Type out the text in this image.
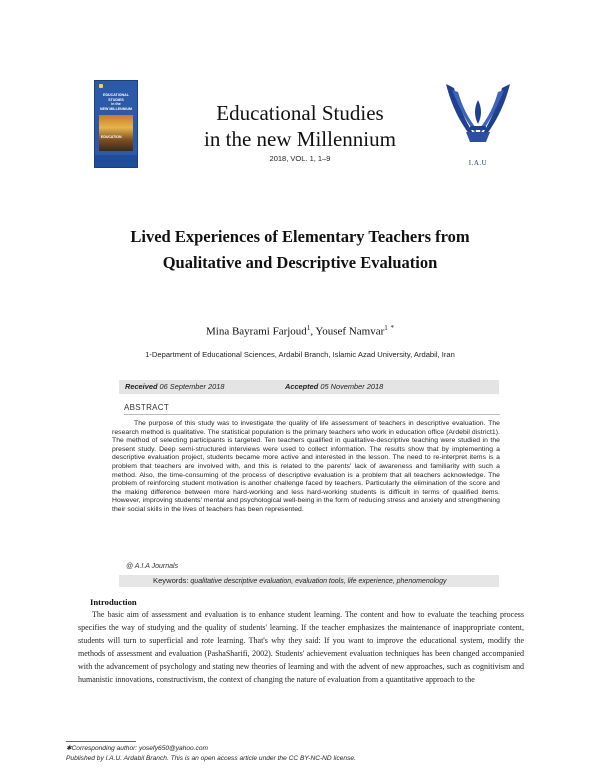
EDUCATIONAL STUDIES
in the
NEW MILLENNIUM
EDUCATION
Educational Studies
in the new Millennium
2018, VOL. 1, 1–9	I.A.U
Lived Experiences of Elementary Teachers from
Qualitative and Descriptive Evaluation
Mina Bayrami Farjoud$^1$, Yousef Namvar$^1$ *
1-Department of Educational Sciences, Ardabil Branch, Islamic Azad University, Ardabil, Iran
Received 06 September 2018	Accepted 05 November 2018
ABSTRACT

The purpose of this study was to investigate the quality of life assessment of teachers in descriptive evaluation. The research method is qualitative. The statistical population is the primary teachers who work in education office (Ardebil district1). The method of selecting participants is targeted. Ten teachers qualified in qualitative-descriptive teaching were studied in the present study. Deep semi-structured interviews were used to collect information. The results show that by implementing a descriptive evaluation project, students became more active and interested in the lesson. The need to re-interpret items is a problem that teachers are involved with, and this is related to the parents' lack of awareness and familiarity with such a method. Also, the time-consuming of the process of descriptive evaluation is a problem that all teachers acknowledge. The problem of reinforcing student motivation is another challenge faced by teachers. Particularly the elimination of the score and the making difference between more hard-working and less hard-working students is difficult in terms of qualified items. However, improving students' mental and psychological well-being in the form of reducing stress and anxiety and strengthening their social skills in the lives of teachers has been represented.

@ A.I.A Journals
Keywords: qualitative descriptive evaluation, evaluation tools, life experience, phenomenology
Introduction

The basic aim of assessment and evaluation is to enhance student learning. The content and how to evaluate the teaching process specifies the way of studying and the quality of students' learning. If the teacher emphasizes the maintenance of inappropriate content, students will turn to superficial and rote learning. That's why they said: If you want to improve the educational system, modify the methods of assessment and evaluation (PashaSharifi, 2002). Students' achievement evaluation techniques has been changed accompanied with the advancement of psychology and stating new theories of learning and with the advent of new approaches, such as cognitivism and humanistic innovations, constructivism, the context of changing the nature of evaluation from a quantitative approach to the

✱Corresponding author: yosefy650@yahoo.com
Published by I.A.U. Ardabil Branch. This is an open access article under the CC BY-NC-ND license.
